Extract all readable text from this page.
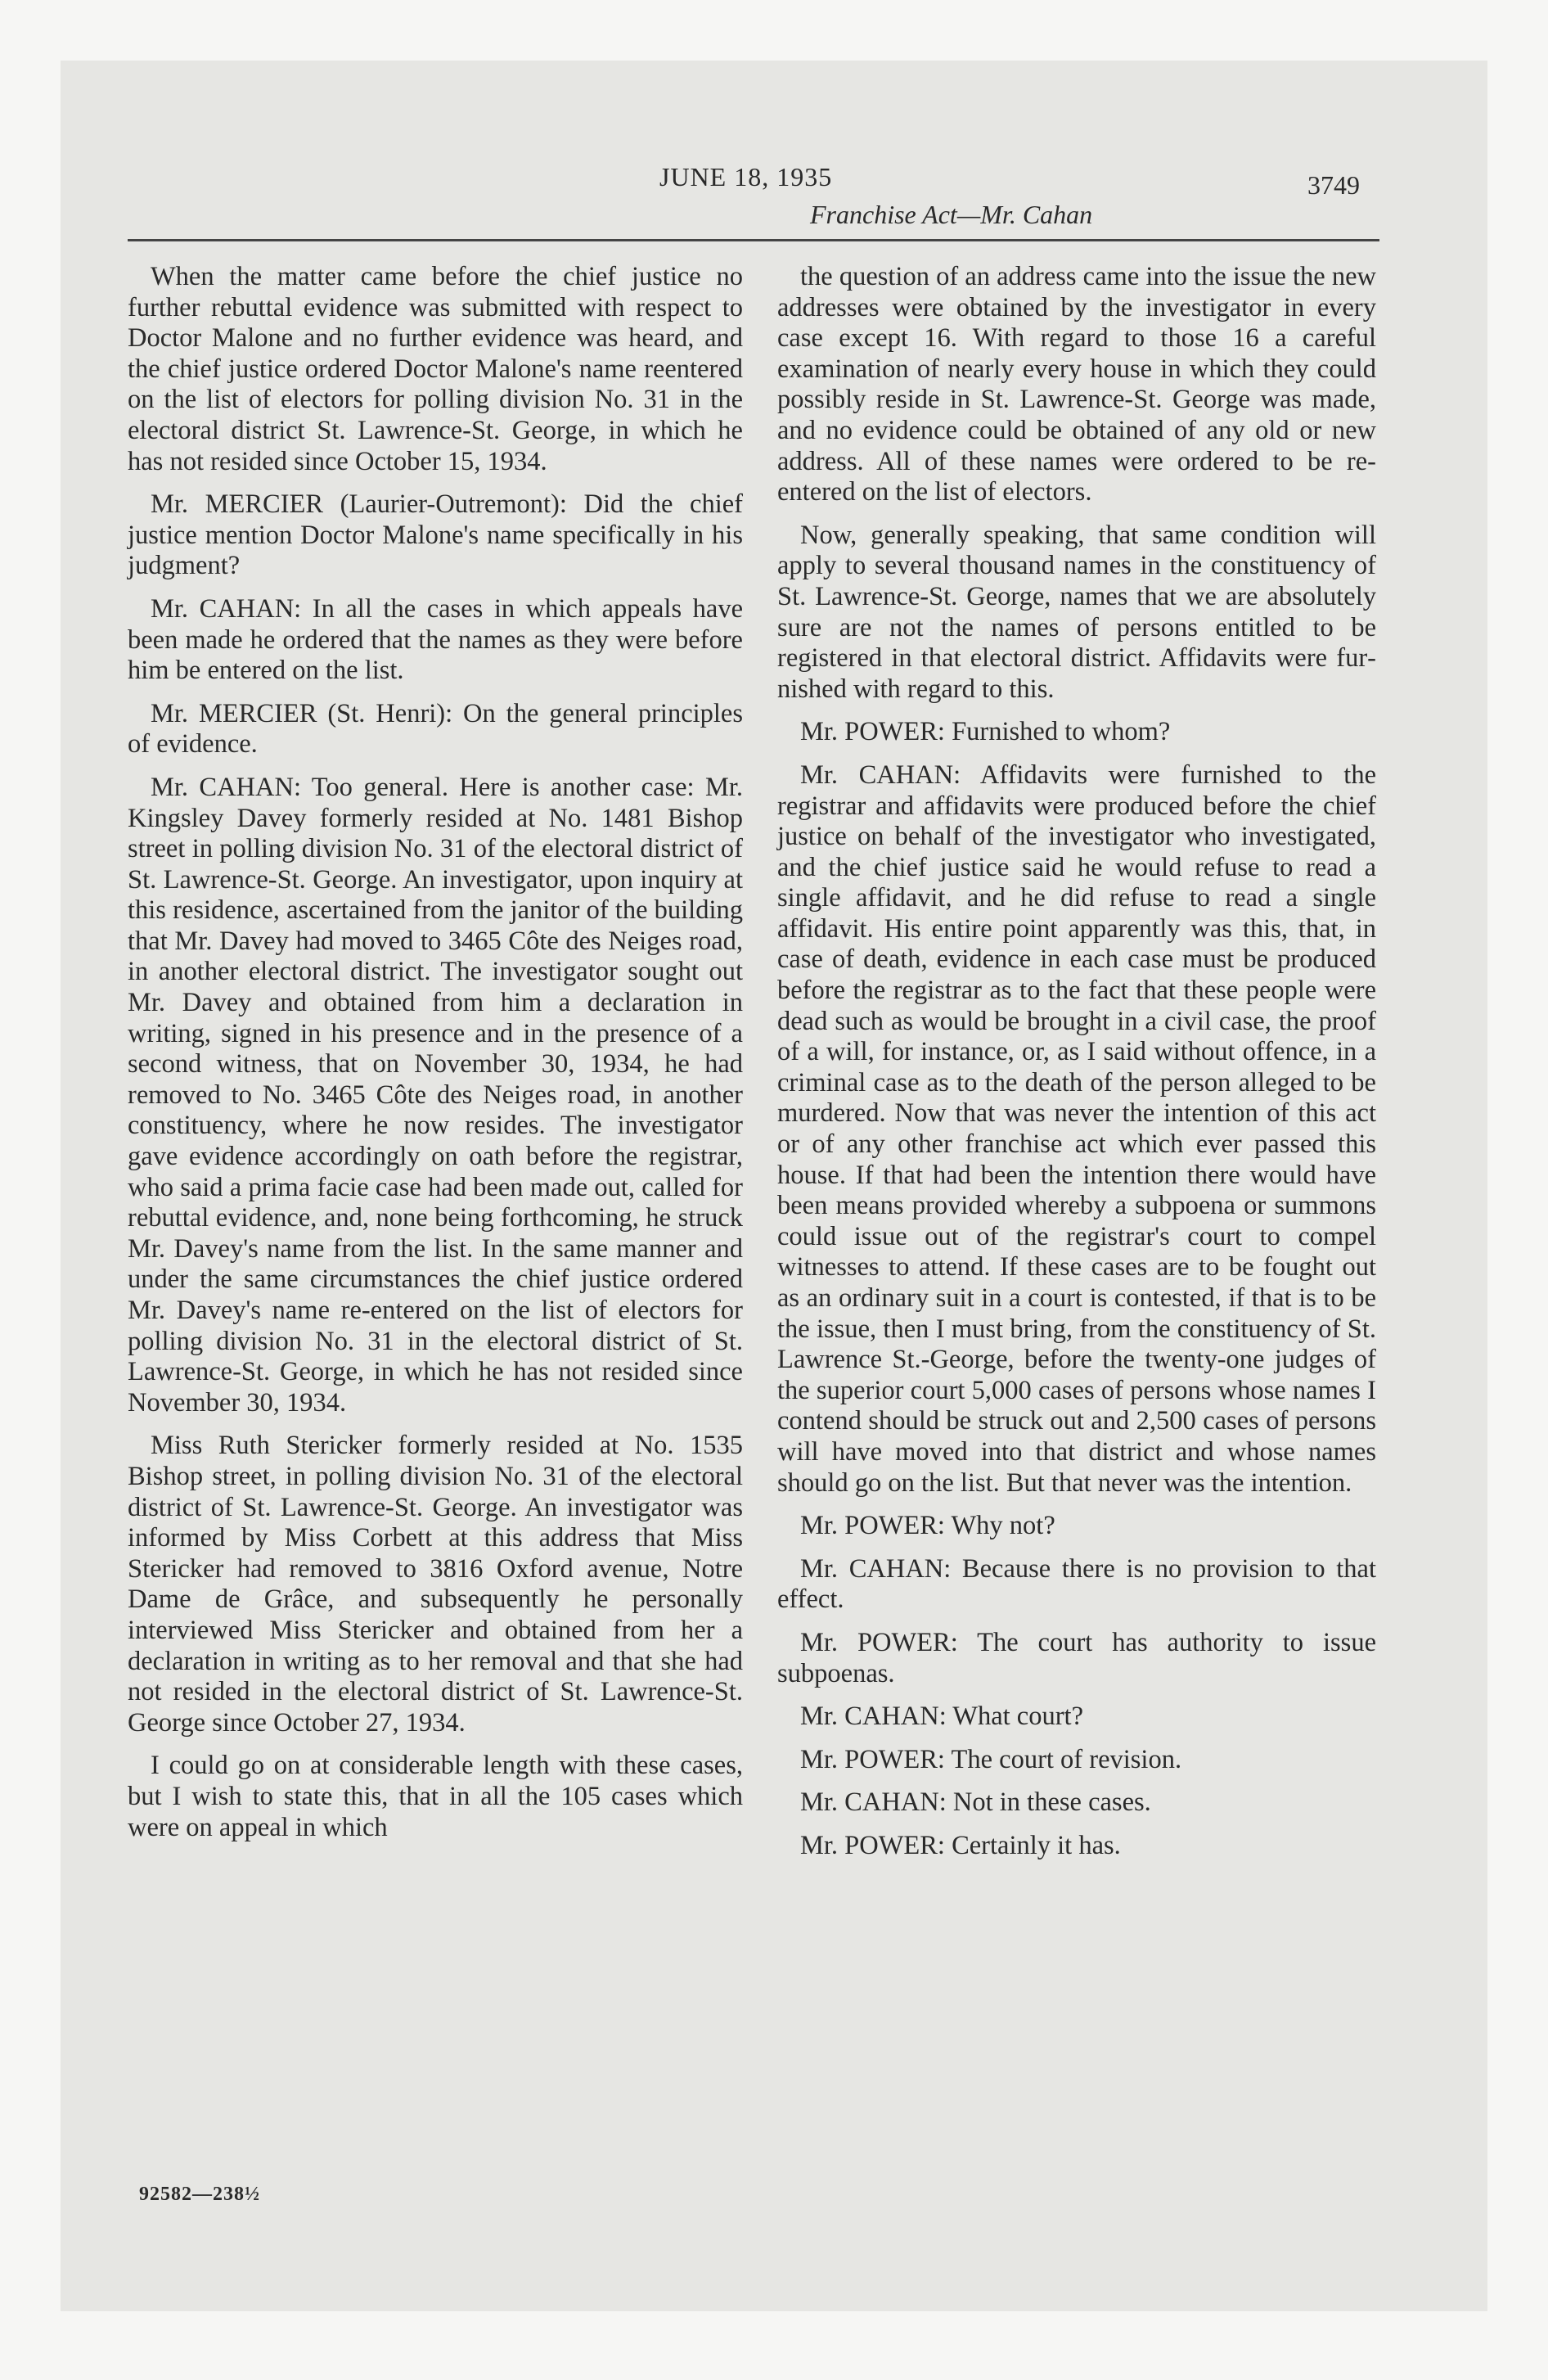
JUNE 18, 1935
Franchise Act—Mr. Cahan
3749

When the matter came before the chief justice no further rebuttal evidence was submitted with respect to Doctor Malone and no further evidence was heard, and the chief justice ordered Doctor Malone's name reentered on the list of electors for polling division No. 31 in the electoral district St. Lawrence-St. George, in which he has not resided since October 15, 1934.

Mr. MERCIER (Laurier-Outremont): Did the chief justice mention Doctor Malone's name specifically in his judgment?

Mr. CAHAN: In all the cases in which appeals have been made he ordered that the names as they were before him be entered on the list.

Mr. MERCIER (St. Henri): On the general principles of evidence.

Mr. CAHAN: Too general. Here is another case: Mr. Kingsley Davey formerly resided at No. 1481 Bishop street in polling division No. 31 of the electoral district of St. Lawrence-St. George. An investigator, upon inquiry at this residence, ascertained from the janitor of the building that Mr. Davey had moved to 3465 Côte des Neiges road, in another electoral district. The investigator sought out Mr. Davey and obtained from him a declaration in writing, signed in his presence and in the presence of a second witness, that on November 30, 1934, he had removed to No. 3465 Côte des Neiges road, in another constituency, where he now resides. The investigator gave evidence accordingly on oath before the registrar, who said a prima facie case had been made out, called for rebuttal evidence, and, none being forthcoming, he struck Mr. Davey's name from the list. In the same manner and under the same circumstances the chief justice ordered Mr. Davey's name re-entered on the list of electors for polling division No. 31 in the electoral district of St. Lawrence-St. George, in which he has not resided since November 30, 1934.

Miss Ruth Stericker formerly resided at No. 1535 Bishop street, in polling division No. 31 of the electoral district of St. Lawrence-St. George. An investigator was informed by Miss Corbett at this address that Miss Stericker had removed to 3816 Oxford avenue, Notre Dame de Grâce, and subsequently he personally interviewed Miss Stericker and obtained from her a declaration in writing as to her removal and that she had not resided in the electoral district of St. Lawrence-St. George since October 27, 1934.

I could go on at considerable length with these cases, but I wish to state this, that in all the 105 cases which were on appeal in which

the question of an address came into the issue the new addresses were obtained by the investigator in every case except 16. With regard to those 16 a careful examination of nearly every house in which they could possibly reside in St. Lawrence-St. George was made, and no evidence could be obtained of any old or new address. All of these names were ordered to be re-entered on the list of electors.

Now, generally speaking, that same condition will apply to several thousand names in the constituency of St. Lawrence-St. George, names that we are absolutely sure are not the names of persons entitled to be registered in that electoral district. Affidavits were furnished with regard to this.

Mr. POWER: Furnished to whom?

Mr. CAHAN: Affidavits were furnished to the registrar and affidavits were produced before the chief justice on behalf of the investigator who investigated, and the chief justice said he would refuse to read a single affidavit, and he did refuse to read a single affidavit. His entire point apparently was this, that, in case of death, evidence in each case must be produced before the registrar as to the fact that these people were dead such as would be brought in a civil case, the proof of a will, for instance, or, as I said without offence, in a criminal case as to the death of the person alleged to be murdered. Now that was never the intention of this act or of any other franchise act which ever passed this house. If that had been the intention there would have been means provided whereby a subpoena or summons could issue out of the registrar's court to compel witnesses to attend. If these cases are to be fought out as an ordinary suit in a court is contested, if that is to be the issue, then I must bring, from the constituency of St. Lawrence St.-George, before the twenty-one judges of the superior court 5,000 cases of persons whose names I contend should be struck out and 2,500 cases of persons will have moved into that district and whose names should go on the list. But that never was the intention.

Mr. POWER: Why not?

Mr. CAHAN: Because there is no provision to that effect.

Mr. POWER: The court has authority to issue subpoenas.

Mr. CAHAN: What court?

Mr. POWER: The court of revision.

Mr. CAHAN: Not in these cases.

Mr. POWER: Certainly it has.

92582—238½
